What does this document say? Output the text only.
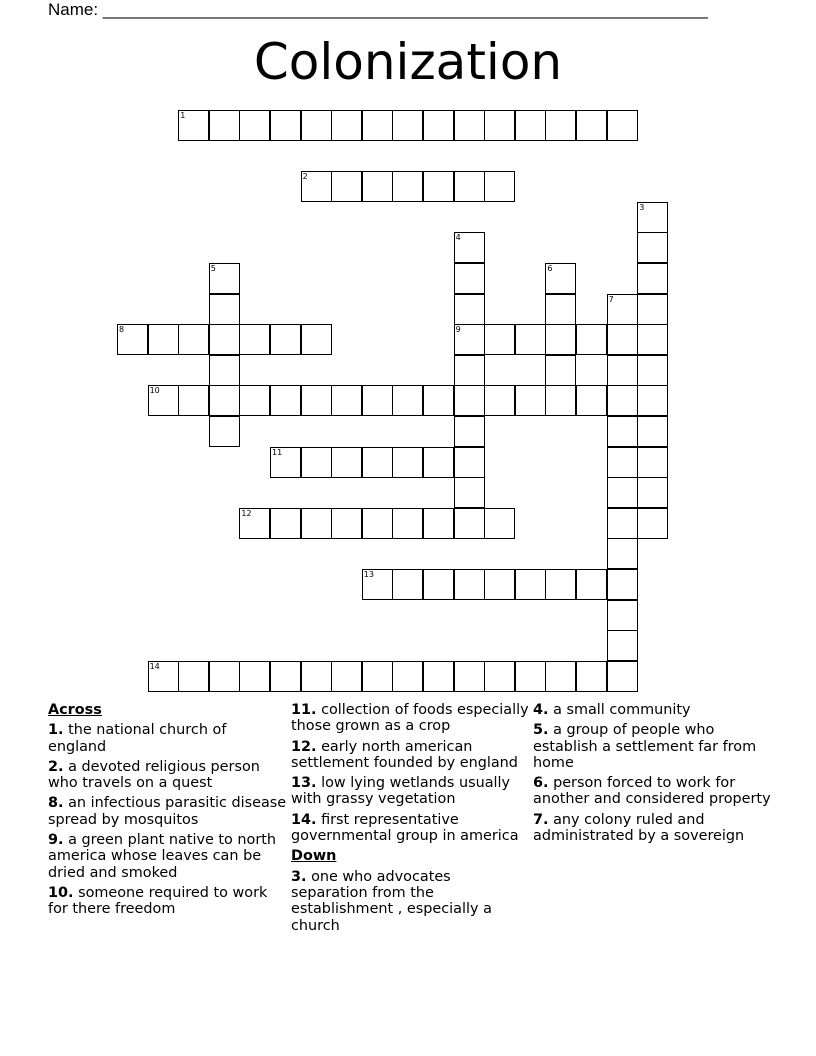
Name: ________________________________________________________________
Colonization
1
2
3
4
9
5	6
7
8
10
11
12
13
14
Across
1. the national church of england
2. a devoted religious person who travels on a quest
8. an infectious parasitic disease spread by mosquitos
9. a green plant native to north america whose leaves can be dried and smoked
10. someone required to work for there freedom
11. collection of foods especially those grown as a crop
12. early north american settlement founded by england
13. low lying wetlands usually with grassy vegetation
14. first representative governmental group in america
Down
3. one who advocates separation from the establishment , especially a church
4. a small community
5. a group of people who establish a settlement far from home
6. person forced to work for another and considered property
7. any colony ruled and administrated by a sovereign
